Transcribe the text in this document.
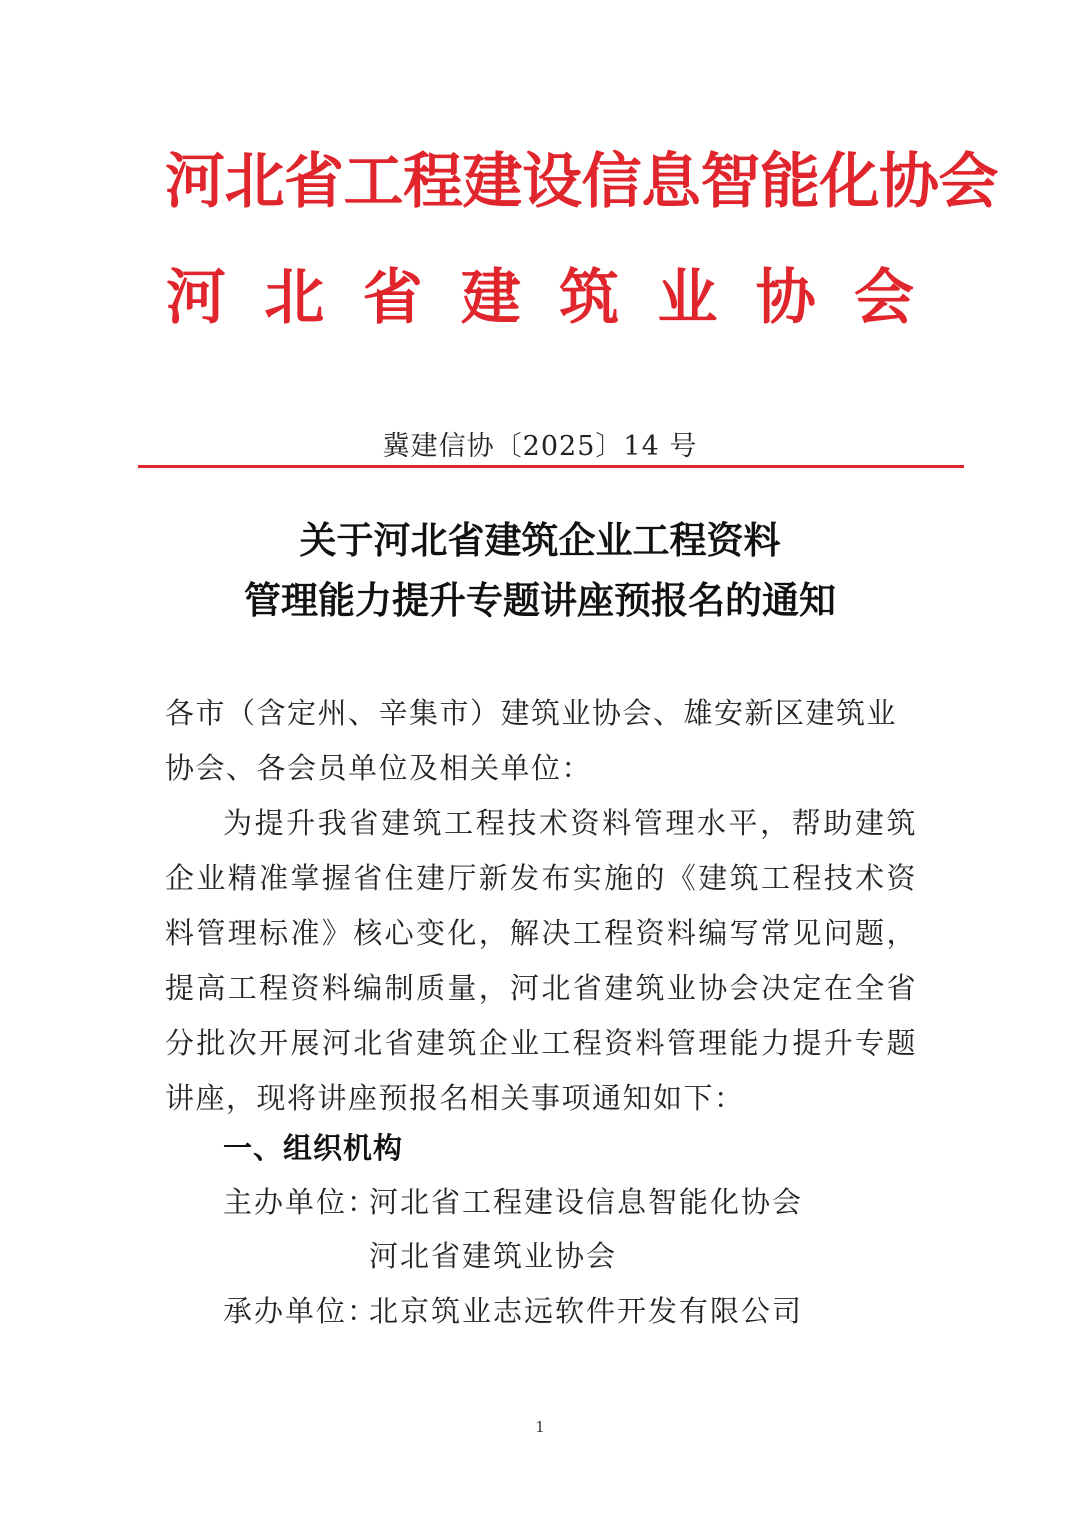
河北省工程建设信息智能化协会
河 北 省 建 筑 业 协 会
冀建信协〔2025〕14 号
关于河北省建筑企业工程资料
管理能力提升专题讲座预报名的通知
各市（含定州、辛集市）建筑业协会、雄安新区建筑业协会、各会员单位及相关单位：
为提升我省建筑工程技术资料管理水平，帮助建筑企业精准掌握省住建厅新发布实施的《建筑工程技术资料管理标准》核心变化，解决工程资料编写常见问题，提高工程资料编制质量，河北省建筑业协会决定在全省分批次开展河北省建筑企业工程资料管理能力提升专题讲座，现将讲座预报名相关事项通知如下：
一、组织机构
主办单位：河北省工程建设信息智能化协会
河北省建筑业协会
承办单位：北京筑业志远软件开发有限公司
1
